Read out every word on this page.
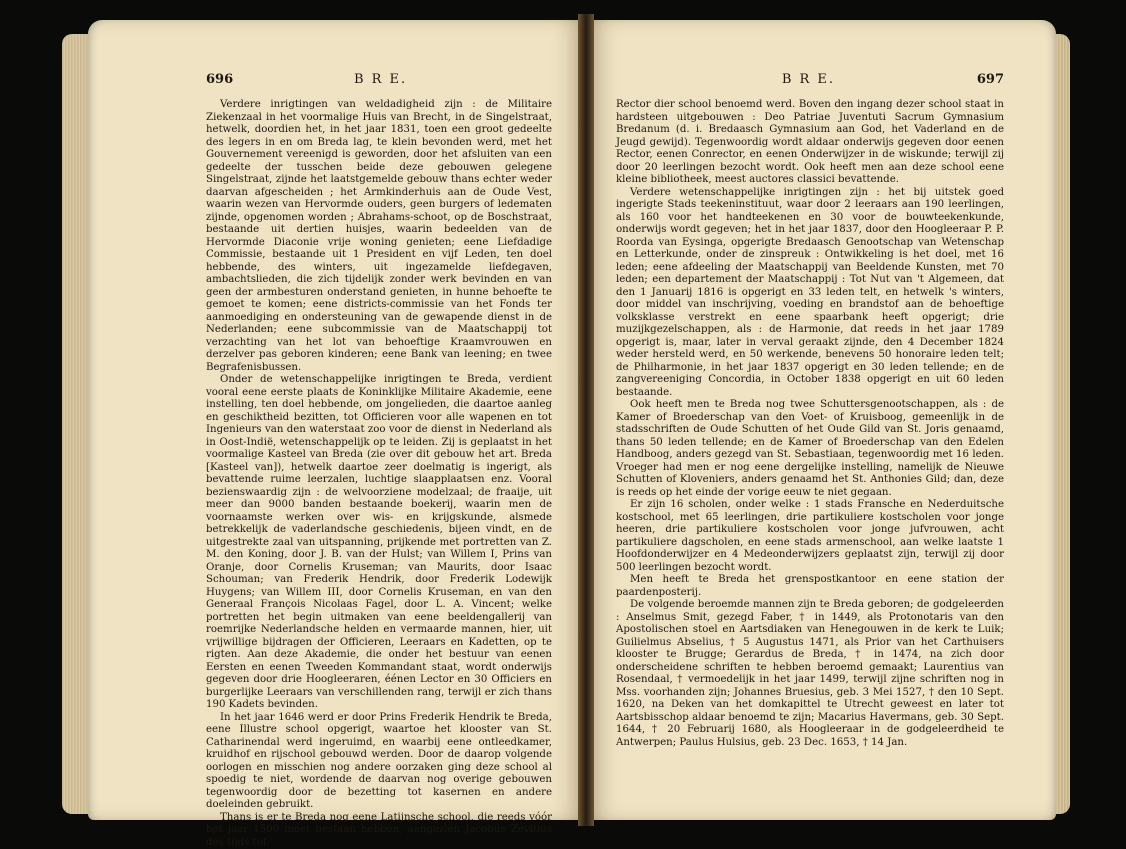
696	B R E.

Verdere inrigtingen van weldadigheid zijn : de Militaire Ziekenzaal in het voormalige Huis van Brecht, in de Singelstraat, hetwelk, doordien het, in het jaar 1831, toen een groot gedeelte des legers in en om Breda lag, te klein bevonden werd, met het Gouvernement vereenigd is geworden, door het afsluiten van een gedeelte der tusschen beide deze gebouwen gelegene Singelstraat, zijnde het laatstgemelde gebouw thans echter weder daarvan afgescheiden ; het Armkinderhuis aan de Oude Vest, waarin wezen van Hervormde ouders, geen burgers of ledematen zijnde, opgenomen worden ; Abrahams-schoot, op de Boschstraat, bestaande uit dertien huisjes, waarin bedeelden van de Hervormde Diaconie vrije woning genieten; eene Liefdadige Commissie, bestaande uit 1 President en vijf Leden, ten doel hebbende, des winters, uit ingezamelde liefdegaven, ambachtslieden, die zich tijdelijk zonder werk bevinden en van geen der armbesturen onderstand genieten, in hunne behoefte te gemoet te komen; eene districts-commissie van het Fonds ter aanmoediging en ondersteuning van de gewapende dienst in de Nederlanden; eene subcommissie van de Maatschappij tot verzachting van het lot van behoeftige Kraamvrouwen en derzelver pas geboren kinderen; eene Bank van leening; en twee Begrafenisbussen.

Onder de wetenschappelijke inrigtingen te Breda, verdient vooral eene eerste plaats de Koninklijke Militaire Akademie, eene instelling, ten doel hebbende, om jongelieden, die daartoe aanleg en geschiktheid bezitten, tot Officieren voor alle wapenen en tot Ingenieurs van den waterstaat zoo voor de dienst in Nederland als in Oost-Indië, wetenschappelijk op te leiden. Zij is geplaatst in het voormalige Kasteel van Breda (zie over dit gebouw het art. Breda [Kasteel van]), hetwelk daartoe zeer doelmatig is ingerigt, als bevattende ruime leerzalen, luchtige slaapplaatsen enz. Vooral bezienswaardig zijn : de welvoorziene modelzaal; de fraaije, uit meer dan 9000 banden bestaande boekerij, waarin men de voornaamste werken over wis- en krijgskunde, alsmede betrekkelijk de vaderlandsche geschiedenis, bijeen vindt, en de uitgestrekte zaal van uitspanning, prijkende met portretten van Z. M. den Koning, door J. B. van der Hulst; van Willem I, Prins van Oranje, door Cornelis Kruseman; van Maurits, door Isaac Schouman; van Frederik Hendrik, door Frederik Lodewijk Huygens; van Willem III, door Cornelis Kruseman, en van den Generaal François Nicolaas Fagel, door L. A. Vincent; welke portretten het begin uitmaken van eene beeldengallerij van roemrijke Nederlandsche helden en vermaarde mannen, hier, uit vrijwillige bijdragen der Officieren, Leeraars en Kadetten, op te rigten. Aan deze Akademie, die onder het bestuur van eenen Eersten en eenen Tweeden Kommandant staat, wordt onderwijs gegeven door drie Hoogleeraren, éénen Lector en 30 Officiers en burgerlijke Leeraars van verschillenden rang, terwijl er zich thans 190 Kadets bevinden.

In het jaar 1646 werd er door Prins Frederik Hendrik te Breda, eene Illustre school opgerigt, waartoe het klooster van St. Catharinendal werd ingeruimd, en waarbij eene ontleedkamer, kruidhof en rijschool gebouwd werden. Door de daarop volgende oorlogen en misschien nog andere oorzaken ging deze school al spoedig te niet, wordende de daarvan nog overige gebouwen tegenwoordig door de bezetting tot kasernen en andere doeleinden gebruikt.

Thans is er te Breda nog eene Latijnsche school, die reeds vóór het jaar 1500 moet bestaan hebben, aangezien Jacobus Zevitius des tijds tot

B R E.	697

Rector dier school benoemd werd. Boven den ingang dezer school staat in hardsteen uitgebouwen : Deo Patriae Juventuti Sacrum Gymnasium Bredanum (d. i. Bredaasch Gymnasium aan God, het Vaderland en de Jeugd gewijd). Tegenwoordig wordt aldaar onderwijs gegeven door eenen Rector, eenen Conrector, en eenen Onderwijzer in de wiskunde; terwijl zij door 20 leerlingen bezocht wordt. Ook heeft men aan deze school eene kleine bibliotheek, meest auctores classici bevattende.

Verdere wetenschappelijke inrigtingen zijn : het bij uitstek goed ingerigte Stads teekeninstituut, waar door 2 leeraars aan 190 leerlingen, als 160 voor het handteekenen en 30 voor de bouwteekenkunde, onderwijs wordt gegeven; het in het jaar 1837, door den Hoogleeraar P. P. Roorda van Eysinga, opgerigte Bredaasch Genootschap van Wetenschap en Letterkunde, onder de zinspreuk : Ontwikkeling is het doel, met 16 leden; eene afdeeling der Maatschappij van Beeldende Kunsten, met 70 leden; een departement der Maatschappij : Tot Nut van 't Algemeen, dat den 1 Januarij 1816 is opgerigt en 33 leden telt, en hetwelk 's winters, door middel van inschrijving, voeding en brandstof aan de behoeftige volksklasse verstrekt en eene spaarbank heeft opgerigt; drie muzijkgezelschappen, als : de Harmonie, dat reeds in het jaar 1789 opgerigt is, maar, later in verval geraakt zijnde, den 4 December 1824 weder hersteld werd, en 50 werkende, benevens 50 honoraire leden telt; de Philharmonie, in het jaar 1837 opgerigt en 30 leden tellende; en de zangvereeniging Concordia, in October 1838 opgerigt en uit 60 leden bestaande.

Ook heeft men te Breda nog twee Schuttersgenootschappen, als : de Kamer of Broederschap van den Voet- of Kruisboog, gemeenlijk in de stadsschriften de Oude Schutten of het Oude Gild van St. Joris genaamd, thans 50 leden tellende; en de Kamer of Broederschap van den Edelen Handboog, anders gezegd van St. Sebastiaan, tegenwoordig met 16 leden. Vroeger had men er nog eene dergelijke instelling, namelijk de Nieuwe Schutten of Kloveniers, anders genaamd het St. Anthonies Gild; dan, deze is reeds op het einde der vorige eeuw te niet gegaan.

Er zijn 16 scholen, onder welke : 1 stads Fransche en Nederduitsche kostschool, met 65 leerlingen, drie partikuliere kostscholen voor jonge heeren, drie partikuliere kostscholen voor jonge jufvrouwen, acht partikuliere dagscholen, en eene stads armenschool, aan welke laatste 1 Hoofdonderwijzer en 4 Medeonderwijzers geplaatst zijn, terwijl zij door 500 leerlingen bezocht wordt.

Men heeft te Breda het grenspostkantoor en eene station der paardenposterij.

De volgende beroemde mannen zijn te Breda geboren; de godgeleerden : Anselmus Smit, gezegd Faber, † in 1449, als Protonotaris van den Apostolischen stoel en Aartsdiaken van Henegouwen in de kerk te Luik; Guilielmus Abselius, † 5 Augustus 1471, als Prior van het Carthuisers klooster te Brugge; Gerardus de Breda, † in 1474, na zich door onderscheidene schriften te hebben beroemd gemaakt; Laurentius van Rosendaal, † vermoedelijk in het jaar 1499, terwijl zijne schriften nog in Mss. voorhanden zijn; Johannes Bruesius, geb. 3 Mei 1527, † den 10 Sept. 1620, na Deken van het domkapittel te Utrecht geweest en later tot Aartsbisschop aldaar benoemd te zijn; Macarius Havermans, geb. 30 Sept. 1644, † 20 Februarij 1680, als Hoogleeraar in de godgeleerdheid te Antwerpen; Paulus Hulsius, geb. 23 Dec. 1653, † 14 Jan.
